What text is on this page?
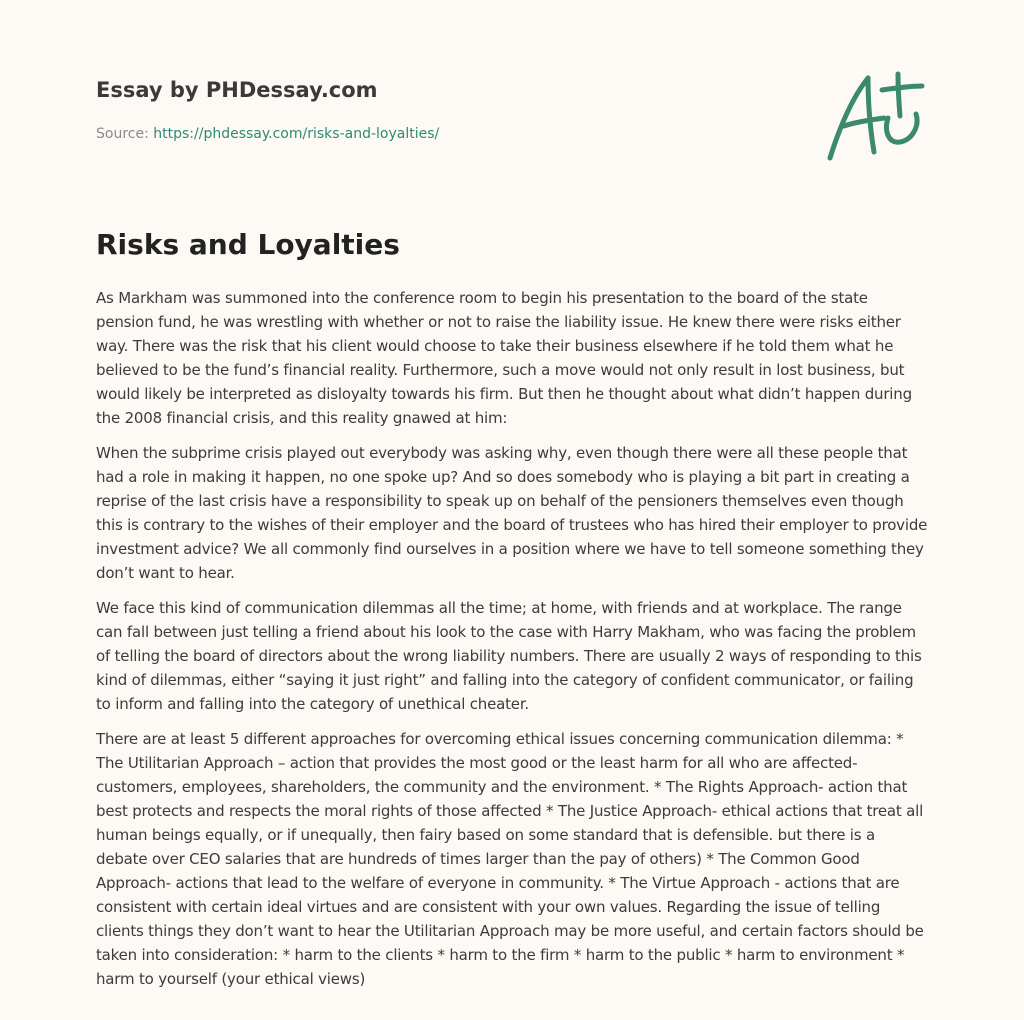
Essay by PHDessay.com
Source: https://phdessay.com/risks-and-loyalties/
Risks and Loyalties

As Markham was summoned into the conference room to begin his presentation to the board of the state pension fund, he was wrestling with whether or not to raise the liability issue. He knew there were risks either way. There was the risk that his client would choose to take their business elsewhere if he told them what he believed to be the fund’s financial reality. Furthermore, such a move would not only result in lost business, but would likely be interpreted as disloyalty towards his firm. But then he thought about what didn’t happen during the 2008 financial crisis, and this reality gnawed at him:

When the subprime crisis played out everybody was asking why, even though there were all these people that had a role in making it happen, no one spoke up? And so does somebody who is playing a bit part in creating a reprise of the last crisis have a responsibility to speak up on behalf of the pensioners themselves even though this is contrary to the wishes of their employer and the board of trustees who has hired their employer to provide investment advice? We all commonly find ourselves in a position where we have to tell someone something they don’t want to hear.

We face this kind of communication dilemmas all the time; at home, with friends and at workplace. The range can fall between just telling a friend about his look to the case with Harry Makham, who was facing the problem of telling the board of directors about the wrong liability numbers. There are usually 2 ways of responding to this kind of dilemmas, either “saying it just right” and falling into the category of confident communicator, or failing to inform and falling into the category of unethical cheater.

There are at least 5 different approaches for overcoming ethical issues concerning communication dilemma: * The Utilitarian Approach – action that provides the most good or the least harm for all who are affected- customers, employees, shareholders, the community and the environment. * The Rights Approach- action that best protects and respects the moral rights of those affected * The Justice Approach- ethical actions that treat all human beings equally, or if unequally, then fairy based on some standard that is defensible. but there is a debate over CEO salaries that are hundreds of times larger than the pay of others) * The Common Good Approach- actions that lead to the welfare of everyone in community. * The Virtue Approach - actions that are consistent with certain ideal virtues and are consistent with your own values. Regarding the issue of telling clients things they don’t want to hear the Utilitarian Approach may be more useful, and certain factors should be taken into consideration: * harm to the clients * harm to the firm * harm to the public * harm to environment * harm to yourself (your ethical views)
